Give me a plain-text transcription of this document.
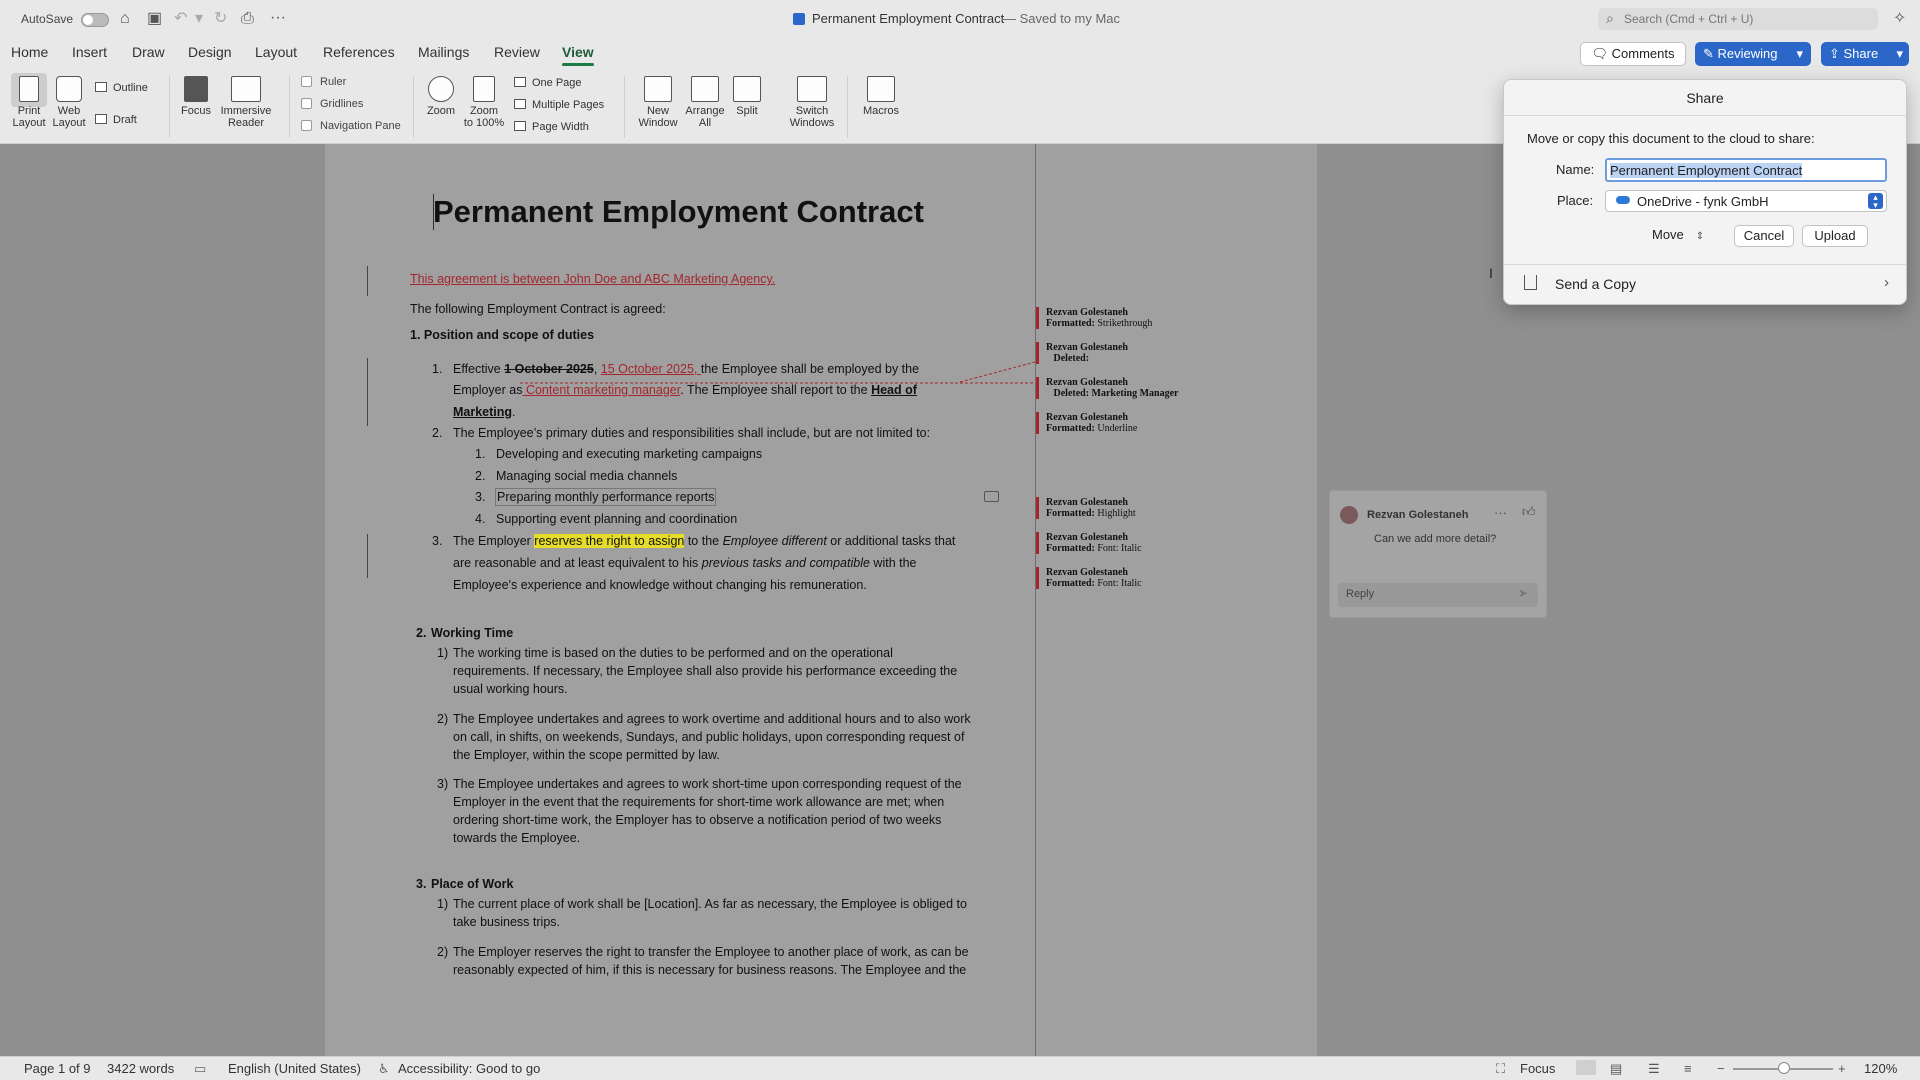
AutoSave	⌂ ▣ ↶ ▾ ↻ ⎙ ···	Permanent Employment Contract
— Saved to my Mac	⌕ Search (Cmd + Ctrl + U)	✧
Home Insert Draw Design Layout References Mailings Review View
Print
Layout
Web
Layout
Outline
Draft
Focus Immersive
Reader
Ruler
Gridlines
Navigation Pane
Zoom	Zoom
to 100%
One Page
Multiple Pages
Page Width
New
Window
Arrange
All
Split	Switch
Windows
Macros
Permanent Employment Contract
This agreement is between John Doe and ABC Marketing Agency.
The following Employment Contract is agreed:
1. Position and scope of duties
1. Effective 1 October 2025, 15 October 2025, the Employee shall be employed by the
Employer as Content marketing manager. The Employee shall report to the Head of
Marketing.
2. The Employee’s primary duties and responsibilities shall include, but are not limited to:
1. Developing and executing marketing campaigns
2. Managing social media channels
3. Preparing monthly performance reports
4. Supporting event planning and coordination
3. The Employer reserves the right to assign to the Employee different or additional tasks that
are reasonable and at least equivalent to his previous tasks and compatible with the
Employee's experience and knowledge without changing his remuneration.
2. Working Time
1) The working time is based on the duties to be performed and on the operational
requirements. If necessary, the Employee shall also provide his performance exceeding the
usual working hours.
2) The Employee undertakes and agrees to work overtime and additional hours and to also work
on call, in shifts, on weekends, Sundays, and public holidays, upon corresponding request of
the Employer, within the scope permitted by law.
3) The Employee undertakes and agrees to work short-time upon corresponding request of the
Employer in the event that the requirements for short-time work allowance are met; when
ordering short-time work, the Employer has to observe a notification period of two weeks
towards the Employee.
3. Place of Work
1) The current place of work shall be [Location]. As far as necessary, the Employee is obliged to
take business trips.
2) The Employer reserves the right to transfer the Employee to another place of work, as can be
reasonably expected of him, if this is necessary for business reasons. The Employee and the
Rezvan Golestaneh
Formatted: Strikethrough
Rezvan Golestaneh
Deleted:
Rezvan Golestaneh
Deleted: Marketing Manager
Rezvan Golestaneh
Formatted: Underline
Rezvan Golestaneh
Formatted: Highlight
Rezvan Golestaneh
Formatted: Font: Italic
Rezvan Golestaneh
Formatted: Font: Italic
Rezvan Golestaneh ··· 👍︎
Can we add more detail?
Reply	➤
🗨︎ Comments	✎ Reviewing ▾	⇪ Share ▾
Share
Move or copy this document to the cloud to share:
Name: Permanent Employment Contract
Place:	OneDrive - fynk GmbH	▴
▾
Move ⇕	Cancel	Upload
Send a Copy	›
I
Page 1 of 9 3422 words ▭ English (United States) ♿︎ Accessibility: Good to go	⛶ Focus	▤ ☰ ≡ −	+ 120%
